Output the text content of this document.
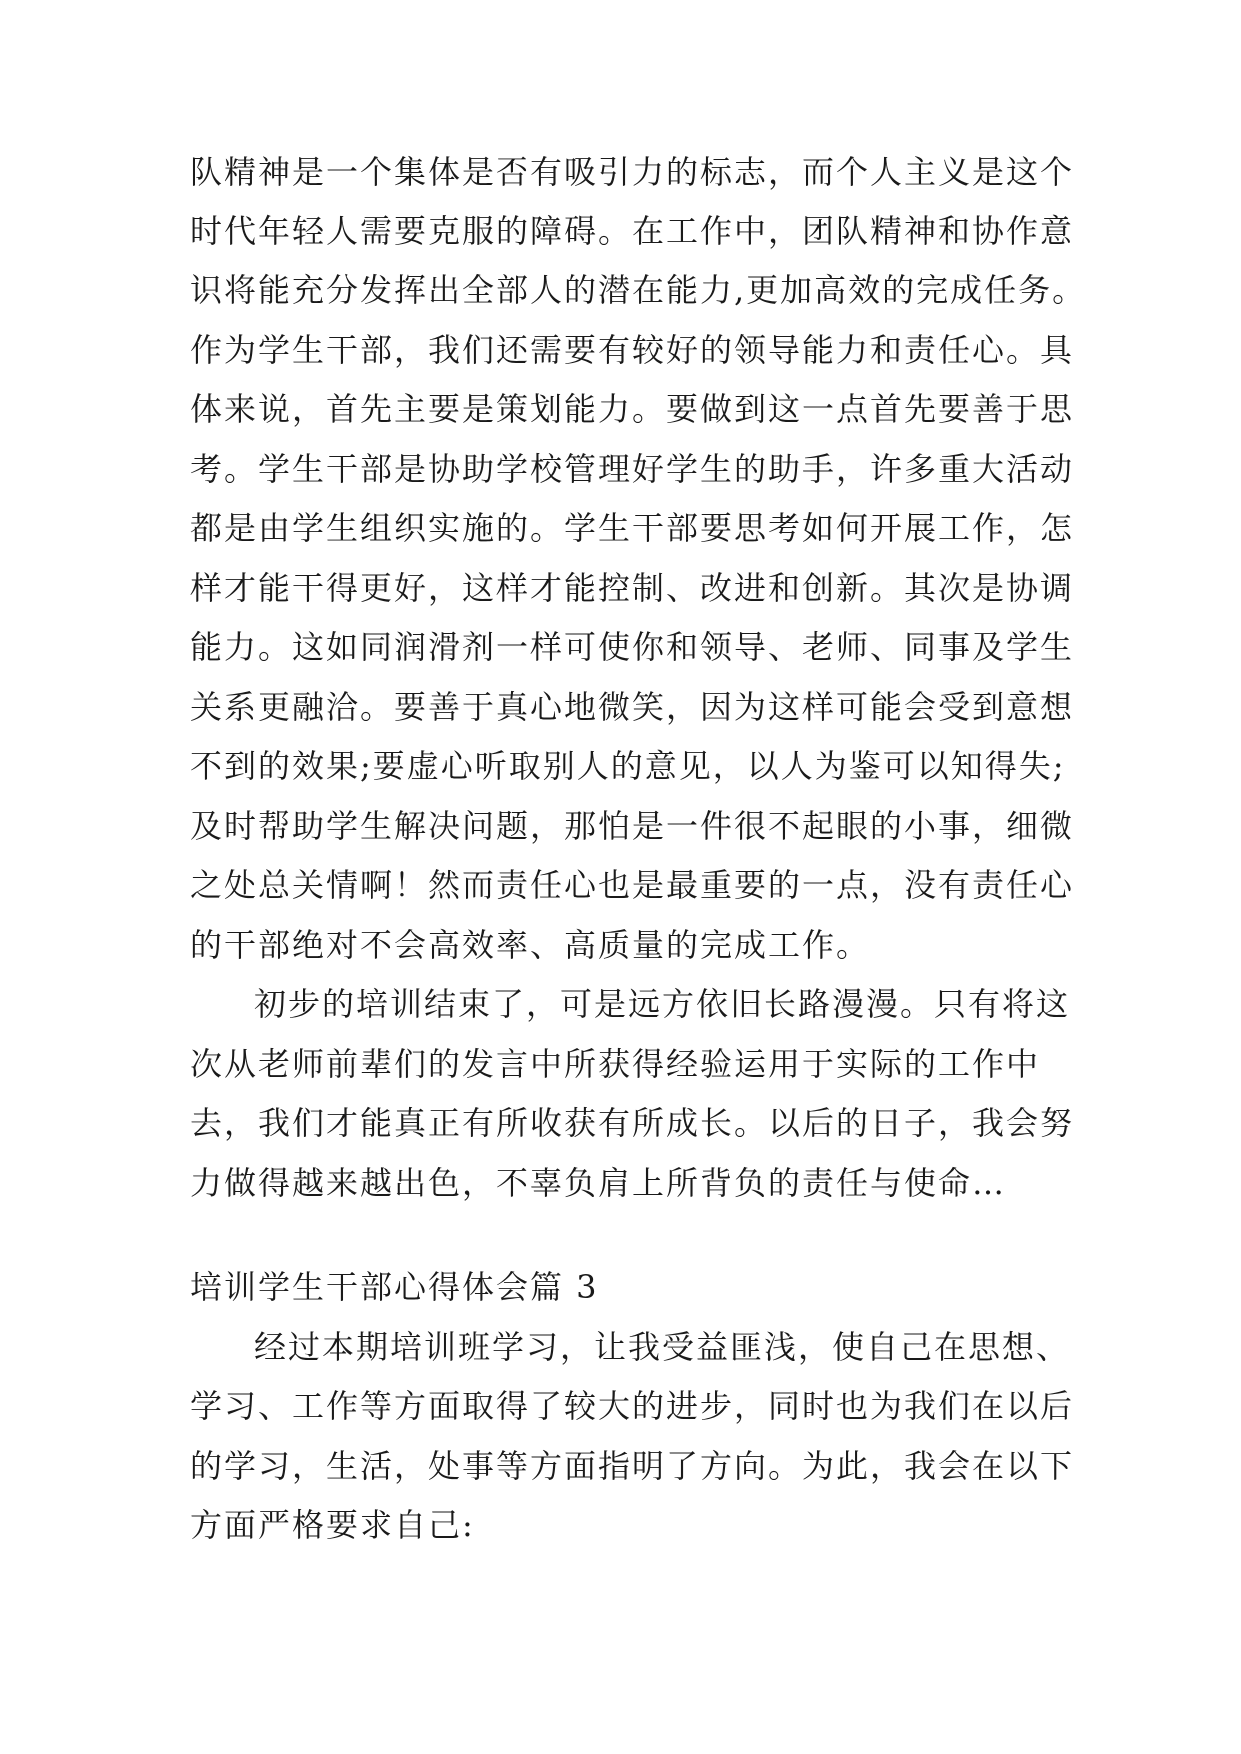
队精神是一个集体是否有吸引力的标志，而个人主义是这个
时代年轻人需要克服的障碍。在工作中，团队精神和协作意
识将能充分发挥出全部人的潜在能力,更加高效的完成任务。
作为学生干部，我们还需要有较好的领导能力和责任心。具
体来说，首先主要是策划能力。要做到这一点首先要善于思
考。学生干部是协助学校管理好学生的助手，许多重大活动
都是由学生组织实施的。学生干部要思考如何开展工作，怎
样才能干得更好，这样才能控制、改进和创新。其次是协调
能力。这如同润滑剂一样可使你和领导、老师、同事及学生
关系更融洽。要善于真心地微笑，因为这样可能会受到意想
不到的效果;要虚心听取别人的意见，以人为鉴可以知得失;
及时帮助学生解决问题，那怕是一件很不起眼的小事，细微
之处总关情啊！然而责任心也是最重要的一点，没有责任心
的干部绝对不会高效率、高质量的完成工作。
初步的培训结束了，可是远方依旧长路漫漫。只有将这
次从老师前辈们的发言中所获得经验运用于实际的工作中
去，我们才能真正有所收获有所成长。以后的日子，我会努
力做得越来越出色，不辜负肩上所背负的责任与使命…
培训学生干部心得体会篇 3
经过本期培训班学习，让我受益匪浅，使自己在思想、
学习、工作等方面取得了较大的进步，同时也为我们在以后
的学习，生活，处事等方面指明了方向。为此，我会在以下
方面严格要求自己:
